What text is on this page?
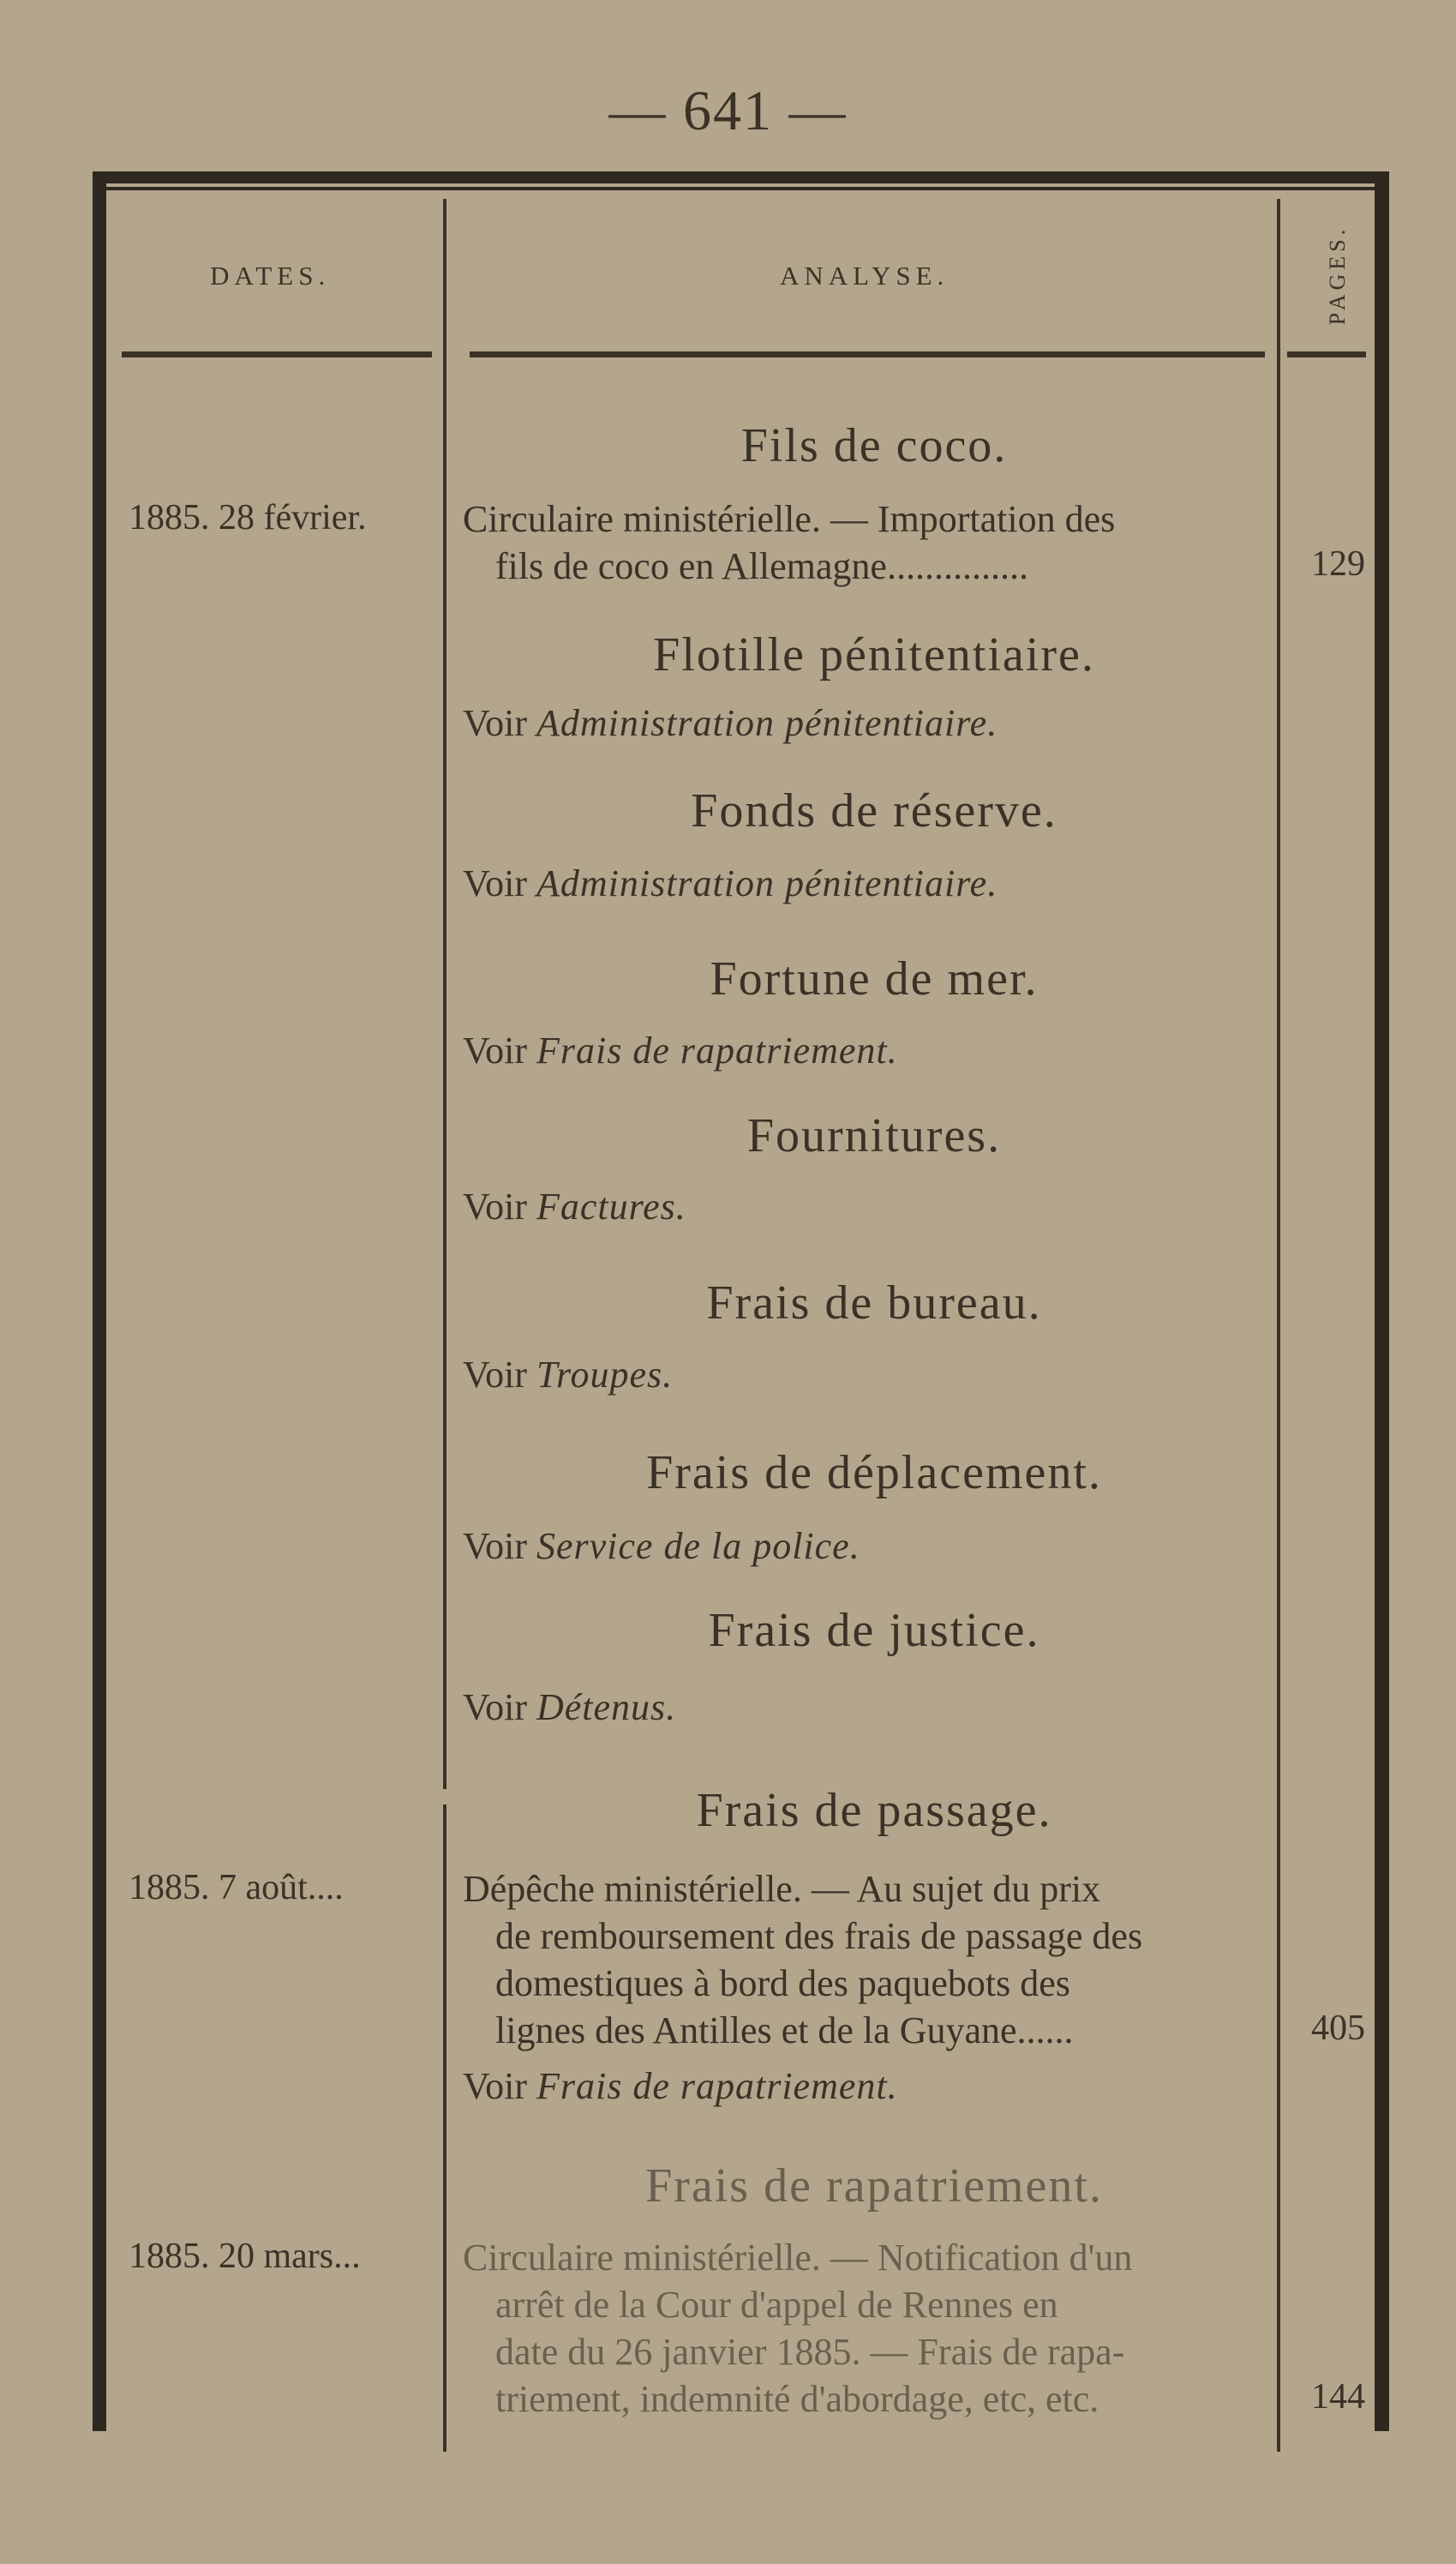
— 641 —
DATES.	ANALYSE.	PAGES.
Fils de coco.
1885. 28 février.	Circulaire ministérielle. — Importation des
fils de coco en Allemagne...............	129
Flotille pénitentiaire.
Voir Administration pénitentiaire.
Fonds de réserve.
Voir Administration pénitentiaire.
Fortune de mer.
Voir Frais de rapatriement.
Fournitures.
Voir Factures.
Frais de bureau.
Voir Troupes.
Frais de déplacement.
Voir Service de la police.
Frais de justice.
Voir Détenus.
Frais de passage.
1885. 7 août....	Dépêche ministérielle. — Au sujet du prix
de remboursement des frais de passage des
domestiques à bord des paquebots des
lignes des Antilles et de la Guyane......	405
Voir Frais de rapatriement.
Frais de rapatriement.
1885. 20 mars...	Circulaire ministérielle. — Notification d'un
arrêt de la Cour d'appel de Rennes en
date du 26 janvier 1885. — Frais de rapa-
triement, indemnité d'abordage, etc, etc.	144
